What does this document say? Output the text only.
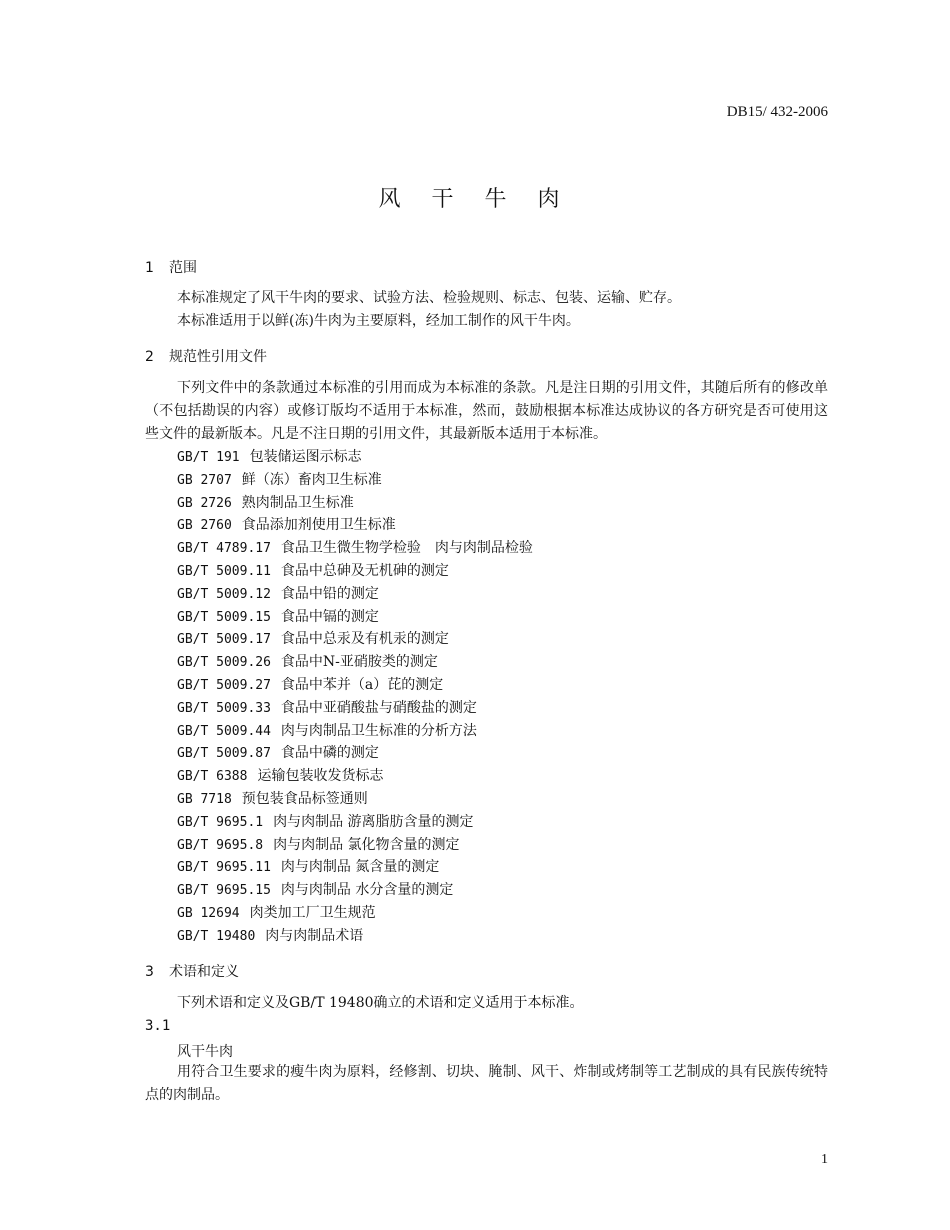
DB15/ 432-2006
风 干 牛 肉
1 范围
本标准规定了风干牛肉的要求、试验方法、检验规则、标志、包装、运输、贮存。
本标准适用于以鲜(冻)牛肉为主要原料，经加工制作的风干牛肉。
2 规范性引用文件
下列文件中的条款通过本标准的引用而成为本标准的条款。凡是注日期的引用文件，其随后所有的修改单（不包括勘误的内容）或修订版均不适用于本标准，然而，鼓励根据本标准达成协议的各方研究是否可使用这些文件的最新版本。凡是不注日期的引用文件，其最新版本适用于本标准。
GB/T 191 包装储运图示标志
GB 2707 鲜（冻）畜肉卫生标准
GB 2726 熟肉制品卫生标准
GB 2760 食品添加剂使用卫生标准
GB/T 4789.17 食品卫生微生物学检验　肉与肉制品检验
GB/T 5009.11 食品中总砷及无机砷的测定
GB/T 5009.12 食品中铅的测定
GB/T 5009.15 食品中镉的测定
GB/T 5009.17 食品中总汞及有机汞的测定
GB/T 5009.26 食品中N-亚硝胺类的测定
GB/T 5009.27 食品中苯并（a）芘的测定
GB/T 5009.33 食品中亚硝酸盐与硝酸盐的测定
GB/T 5009.44 肉与肉制品卫生标准的分析方法
GB/T 5009.87 食品中磷的测定
GB/T 6388 运输包装收发货标志
GB 7718 预包装食品标签通则
GB/T 9695.1 肉与肉制品 游离脂肪含量的测定
GB/T 9695.8 肉与肉制品 氯化物含量的测定
GB/T 9695.11 肉与肉制品 氮含量的测定
GB/T 9695.15 肉与肉制品 水分含量的测定
GB 12694 肉类加工厂卫生规范
GB/T 19480 肉与肉制品术语
3 术语和定义
下列术语和定义及GB/T 19480确立的术语和定义适用于本标准。
3.1
风干牛肉
用符合卫生要求的瘦牛肉为原料，经修割、切块、腌制、风干、炸制或烤制等工艺制成的具有民族传统特点的肉制品。
1
